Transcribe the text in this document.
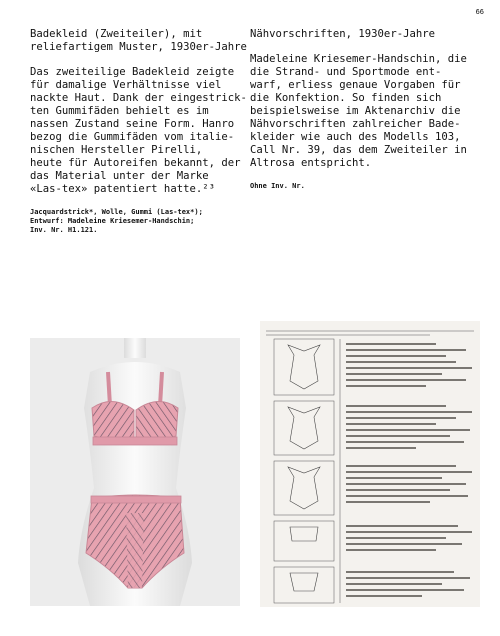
66
Badekleid (Zweiteiler), mit
reliefartigem Muster, 1930er-Jahre
Das zweiteilige Badekleid zeigte
für damalige Verhältnisse viel
nackte Haut. Dank der eingestrick-
ten Gummifäden behielt es im
nassen Zustand seine Form. Hanro
bezog die Gummifäden vom italie-
nischen Hersteller Pirelli,
heute für Autoreifen bekannt, der
das Material unter der Marke
«Las-tex» patentiert hatte.²³
Jacquardstrick*, Wolle, Gummi (Las-tex*);
Entwurf: Madeleine Kriesemer-Handschin;
Inv. Nr. H1.121.
Nähvorschriften, 1930er-Jahre
Madeleine Kriesemer-Handschin, die
die Strand- und Sportmode ent-
warf, erliess genaue Vorgaben für
die Konfektion. So finden sich
beispielsweise im Aktenarchiv die
Nähvorschriften zahlreicher Bade-
kleider wie auch des Modells 103,
Call Nr. 39, das dem Zweiteiler in
Altrosa entspricht.
Ohne Inv. Nr.
